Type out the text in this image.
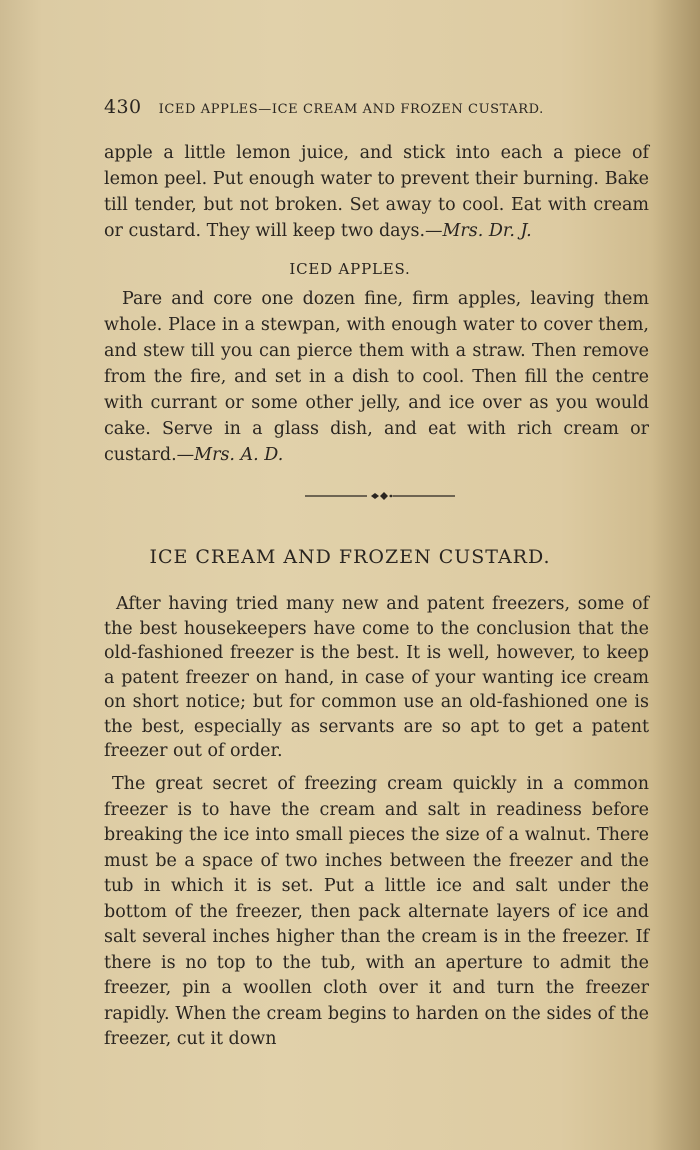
430 ICED APPLES—ICE CREAM AND FROZEN CUSTARD.
apple a little lemon juice, and stick into each a piece of lemon peel. Put enough water to prevent their burning. Bake till tender, but not broken. Set away to cool. Eat with cream or custard. They will keep two days.—Mrs. Dr. J.
ICED APPLES.
Pare and core one dozen fine, firm apples, leaving them whole. Place in a stewpan, with enough water to cover them, and stew till you can pierce them with a straw. Then remove from the fire, and set in a dish to cool. Then fill the centre with currant or some other jelly, and ice over as you would cake. Serve in a glass dish, and eat with rich cream or custard.—Mrs. A. D.
ICE CREAM AND FROZEN CUSTARD.
After having tried many new and patent freezers, some of the best housekeepers have come to the conclusion that the old-fashioned freezer is the best. It is well, however, to keep a patent freezer on hand, in case of your wanting ice cream on short notice; but for common use an old-fashioned one is the best, especially as servants are so apt to get a patent freezer out of order.
The great secret of freezing cream quickly in a common freezer is to have the cream and salt in readiness before breaking the ice into small pieces the size of a walnut. There must be a space of two inches between the freezer and the tub in which it is set. Put a little ice and salt under the bottom of the freezer, then pack alternate layers of ice and salt several inches higher than the cream is in the freezer. If there is no top to the tub, with an aperture to admit the freezer, pin a woollen cloth over it and turn the freezer rapidly. When the cream begins to harden on the sides of the freezer, cut it down
